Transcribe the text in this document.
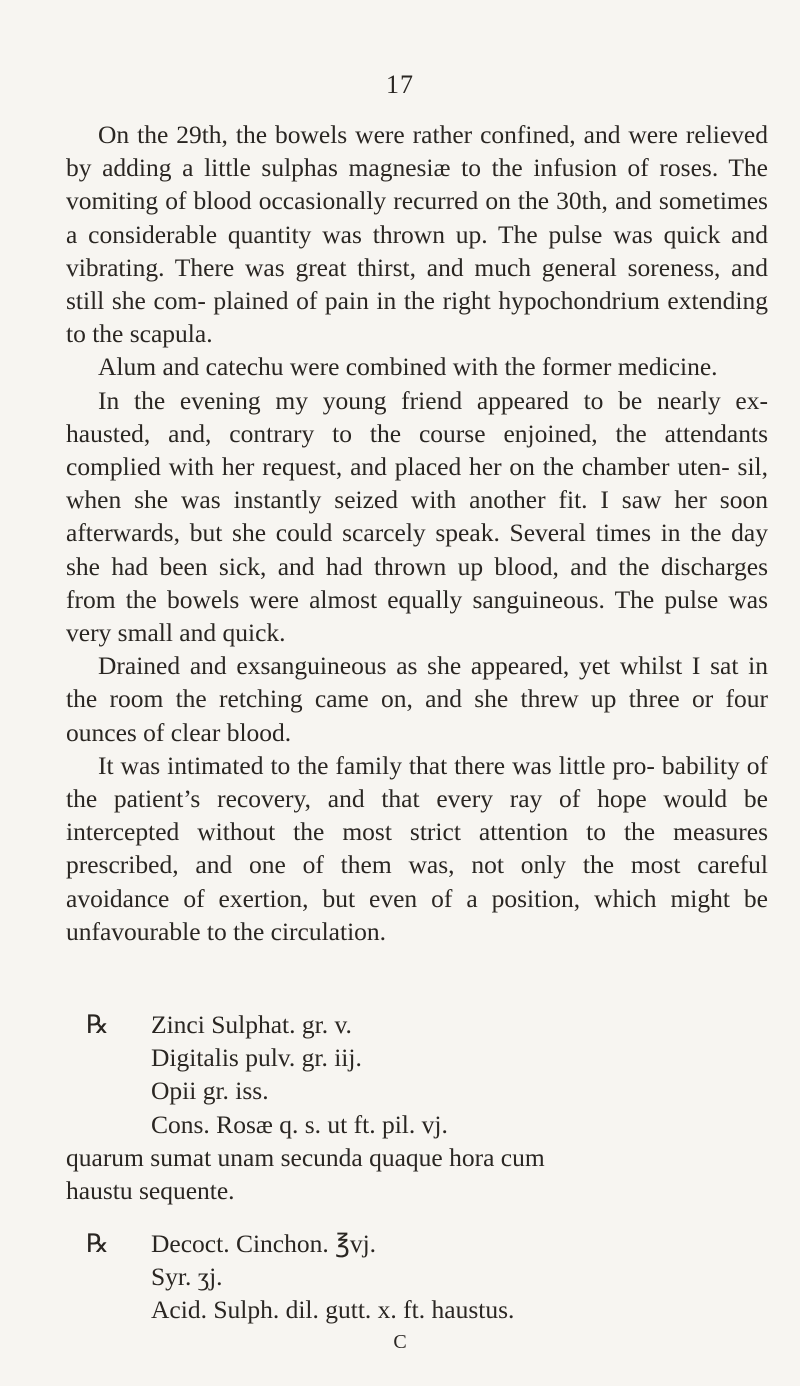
17

On the 29th, the bowels were rather confined, and were relieved by adding a little sulphas magnesiæ to the infusion of roses. The vomiting of blood occasionally recurred on the 30th, and sometimes a considerable quantity was thrown up. The pulse was quick and vibrating. There was great thirst, and much general soreness, and still she com- plained of pain in the right hypochondrium extending to the scapula.

Alum and catechu were combined with the former medicine.

In the evening my young friend appeared to be nearly ex- hausted, and, contrary to the course enjoined, the attendants complied with her request, and placed her on the chamber uten- sil, when she was instantly seized with another fit. I saw her soon afterwards, but she could scarcely speak. Several times in the day she had been sick, and had thrown up blood, and the discharges from the bowels were almost equally sanguineous. The pulse was very small and quick.

Drained and exsanguineous as she appeared, yet whilst I sat in the room the retching came on, and she threw up three or four ounces of clear blood.

It was intimated to the family that there was little pro- bability of the patient’s recovery, and that every ray of hope would be intercepted without the most strict attention to the measures prescribed, and one of them was, not only the most careful avoidance of exertion, but even of a position, which might be unfavourable to the circulation.

℞ Zinci Sulphat. gr. v.
Digitalis pulv. gr. iij.
Opii gr. iss.
Cons. Rosæ q. s. ut ft. pil. vj.
quarum sumat unam secunda quaque hora cum
haustu sequente.
℞ Decoct. Cinchon. ℥vj.
Syr. ʒj.
Acid. Sulph. dil. gutt. x. ft. haustus.
C
